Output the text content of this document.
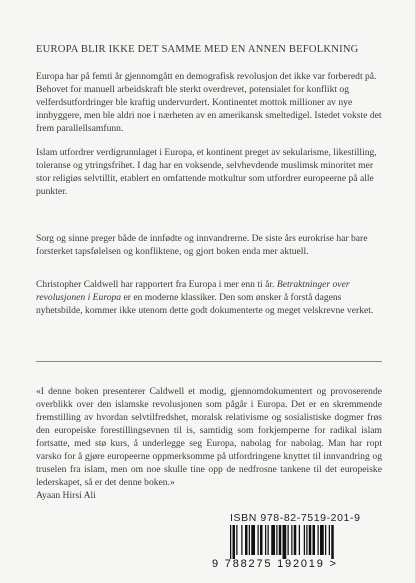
EUROPA BLIR IKKE DET SAMME MED EN ANNEN BEFOLKNING

Europa har på femti år gjennomgått en demografisk revolusjon det ikke var forberedt på. Behovet for manuell arbeidskraft ble sterkt overdrevet, potensialet for konflikt og velferdsutfordringer ble kraftig undervurdert. Kontinentet mottok millioner av nye innbyggere, men ble aldri noe i nærheten av en amerikansk smeltedigel. Istedet vokste det frem parallellsamfunn.

Islam utfordrer verdigrunnlaget i Europa, et kontinent preget av sekularisme, likestilling, toleranse og ytringsfrihet. I dag har en voksende, selvhevdende muslimsk minoritet mer stor religiøs selvtillit, etablert en omfattende motkultur som utfordrer europeerne på alle punkter.

Sorg og sinne preger både de innfødte og innvandrerne. De siste års eurokrise har bare forsterket tapsfølelsen og konfliktene, og gjort boken enda mer aktuell.

Christopher Caldwell har rapportert fra Europa i mer enn ti år. Betraktninger over revolusjonen i Europa er en moderne klassiker. Den som ønsker å forstå dagens nyhetsbilde, kommer ikke utenom dette godt dokumenterte og meget velskrevne verket.

«I denne boken presenterer Caldwell et modig, gjennomdokumentert og provoserende overblikk over den islamske revolusjonen som pågår i Europa. Det er en skremmende fremstilling av hvordan selvtilfredshet, moralsk relativisme og sosialistiske dogmer frøs den europeiske forestillingsevnen til is, samtidig som forkjemperne for radikal islam fortsatte, med stø kurs, å underlegge seg Europa, nabolag for nabolag. Man har ropt varsko for å gjøre europeerne oppmerksomme på utfordringene knyttet til innvandring og truselen fra islam, men om noe skulle tine opp de nedfrosne tankene til det europeiske lederskapet, så er det denne boken.»
Ayaan Hirsi Ali

ISBN 978-82-7519-201-9
9 788275 192019 >
